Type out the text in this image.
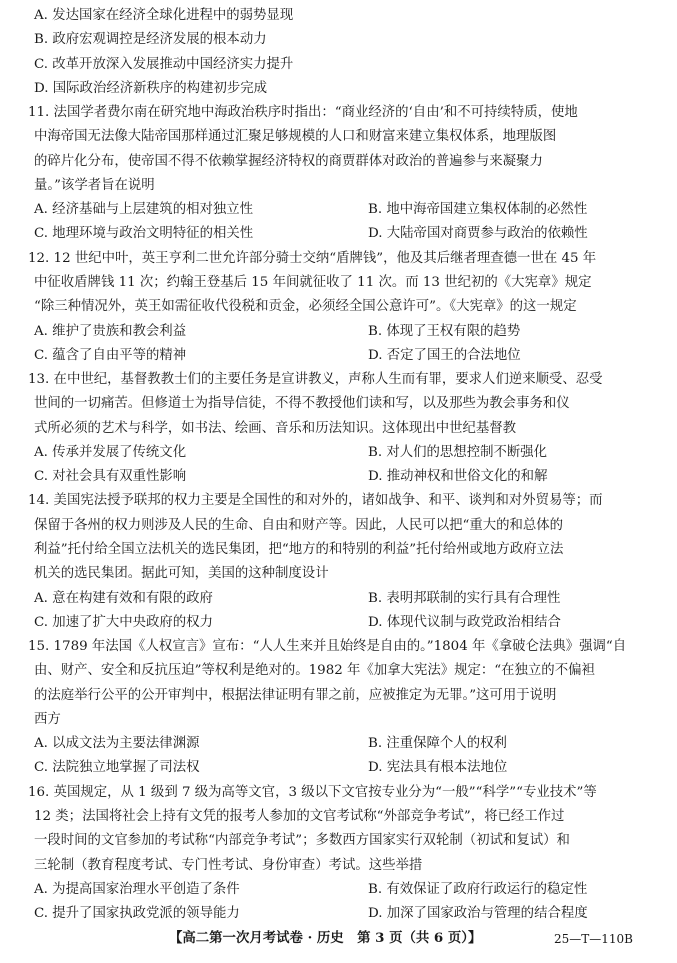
A. 发达国家在经济全球化进程中的弱势显现
B. 政府宏观调控是经济发展的根本动力
C. 改革开放深入发展推动中国经济实力提升
D. 国际政治经济新秩序的构建初步完成
11. 法国学者费尔南在研究地中海政治秩序时指出：“商业经济的‘自由’和不可持续特质，使地
中海帝国无法像大陆帝国那样通过汇聚足够规模的人口和财富来建立集权体系，地理版图
的碎片化分布，使帝国不得不依赖掌握经济特权的商贾群体对政治的普遍参与来凝聚力
量。”该学者旨在说明
A. 经济基础与上层建筑的相对独立性	B. 地中海帝国建立集权体制的必然性
C. 地理环境与政治文明特征的相关性	D. 大陆帝国对商贾参与政治的依赖性
12. 12 世纪中叶，英王亨利二世允许部分骑士交纳“盾牌钱”，他及其后继者理查德一世在 45 年
中征收盾牌钱 11 次；约翰王登基后 15 年间就征收了 11 次。而 13 世纪初的《大宪章》规定
“除三种情况外，英王如需征收代役税和贡金，必须经全国公意许可”。《大宪章》的这一规定
A. 维护了贵族和教会利益	B. 体现了王权有限的趋势
C. 蕴含了自由平等的精神	D. 否定了国王的合法地位
13. 在中世纪，基督教教士们的主要任务是宣讲教义，声称人生而有罪，要求人们逆来顺受、忍受
世间的一切痛苦。但修道士为指导信徒，不得不教授他们读和写，以及那些为教会事务和仪
式所必须的艺术与科学，如书法、绘画、音乐和历法知识。这体现出中世纪基督教
A. 传承并发展了传统文化	B. 对人们的思想控制不断强化
C. 对社会具有双重性影响	D. 推动神权和世俗文化的和解
14. 美国宪法授予联邦的权力主要是全国性的和对外的，诸如战争、和平、谈判和对外贸易等；而
保留于各州的权力则涉及人民的生命、自由和财产等。因此，人民可以把“重大的和总体的
利益”托付给全国立法机关的选民集团，把“地方的和特别的利益”托付给州或地方政府立法
机关的选民集团。据此可知，美国的这种制度设计
A. 意在构建有效和有限的政府	B. 表明邦联制的实行具有合理性
C. 加速了扩大中央政府的权力	D. 体现代议制与政党政治相结合
15. 1789 年法国《人权宣言》宣布：“人人生来并且始终是自由的。”1804 年《拿破仑法典》强调“自
由、财产、安全和反抗压迫”等权利是绝对的。1982 年《加拿大宪法》规定：“在独立的不偏袒
的法庭举行公平的公开审判中，根据法律证明有罪之前，应被推定为无罪。”这可用于说明
西方
A. 以成文法为主要法律渊源	B. 注重保障个人的权利
C. 法院独立地掌握了司法权	D. 宪法具有根本法地位
16. 英国规定，从 1 级到 7 级为高等文官，3 级以下文官按专业分为“一般”“科学”“专业技术”等
12 类；法国将社会上持有文凭的报考人参加的文官考试称“外部竞争考试”，将已经工作过
一段时间的文官参加的考试称“内部竞争考试”；多数西方国家实行双轮制（初试和复试）和
三轮制（教育程度考试、专门性考试、身份审查）考试。这些举措
A. 为提高国家治理水平创造了条件	B. 有效保证了政府行政运行的稳定性
C. 提升了国家执政党派的领导能力	D. 加深了国家政治与管理的结合程度
【高二第一次月考试卷 · 历史　第 3 页（共 6 页）】	25—T—110B
